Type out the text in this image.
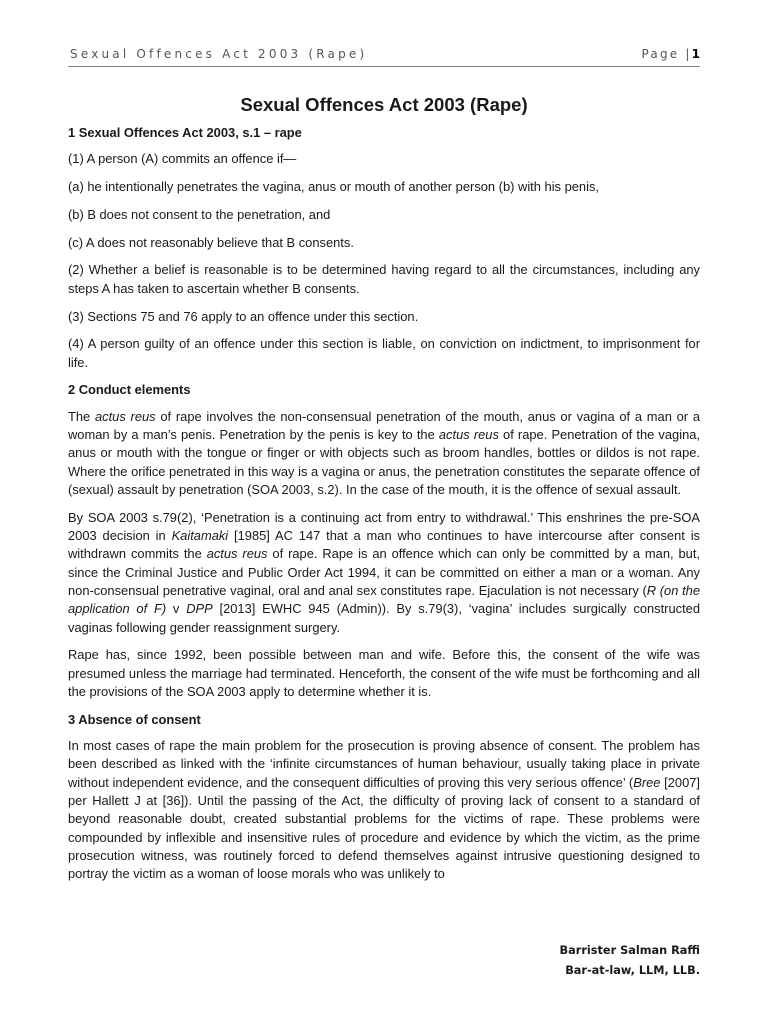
Sexual Offences Act 2003 (Rape)	Page |1
Sexual Offences Act 2003 (Rape)
1 Sexual Offences Act 2003, s.1 – rape

(1) A person (A) commits an offence if—

(a) he intentionally penetrates the vagina, anus or mouth of another person (b) with his penis,

(b) B does not consent to the penetration, and

(c) A does not reasonably believe that B consents.

(2) Whether a belief is reasonable is to be determined having regard to all the circumstances, including any steps A has taken to ascertain whether B consents.

(3) Sections 75 and 76 apply to an offence under this section.

(4) A person guilty of an offence under this section is liable, on conviction on indictment, to imprisonment for life.

2 Conduct elements

The actus reus of rape involves the non-consensual penetration of the mouth, anus or vagina of a man or a woman by a man’s penis. Penetration by the penis is key to the actus reus of rape. Penetration of the vagina, anus or mouth with the tongue or finger or with objects such as broom handles, bottles or dildos is not rape. Where the orifice penetrated in this way is a vagina or anus, the penetration constitutes the separate offence of (sexual) assault by penetration (SOA 2003, s.2). In the case of the mouth, it is the offence of sexual assault.

By SOA 2003 s.79(2), ‘Penetration is a continuing act from entry to withdrawal.’ This enshrines the pre-SOA 2003 decision in Kaitamaki [1985] AC 147 that a man who continues to have intercourse after consent is withdrawn commits the actus reus of rape. Rape is an offence which can only be committed by a man, but, since the Criminal Justice and Public Order Act 1994, it can be committed on either a man or a woman. Any non-consensual penetrative vaginal, oral and anal sex constitutes rape. Ejaculation is not necessary (R (on the application of F) v DPP [2013] EWHC 945 (Admin)). By s.79(3), ‘vagina’ includes surgically constructed vaginas following gender reassignment surgery.

Rape has, since 1992, been possible between man and wife. Before this, the consent of the wife was presumed unless the marriage had terminated. Henceforth, the consent of the wife must be forthcoming and all the provisions of the SOA 2003 apply to determine whether it is.

3 Absence of consent

In most cases of rape the main problem for the prosecution is proving absence of consent. The problem has been described as linked with the ‘infinite circumstances of human behaviour, usually taking place in private without independent evidence, and the consequent difficulties of proving this very serious offence’ (Bree [2007] per Hallett J at [36]). Until the passing of the Act, the difficulty of proving lack of consent to a standard of beyond reasonable doubt, created substantial problems for the victims of rape. These problems were compounded by inflexible and insensitive rules of procedure and evidence by which the victim, as the prime prosecution witness, was routinely forced to defend themselves against intrusive questioning designed to portray the victim as a woman of loose morals who was unlikely to

Barrister Salman Raffi
Bar-at-law, LLM, LLB.
